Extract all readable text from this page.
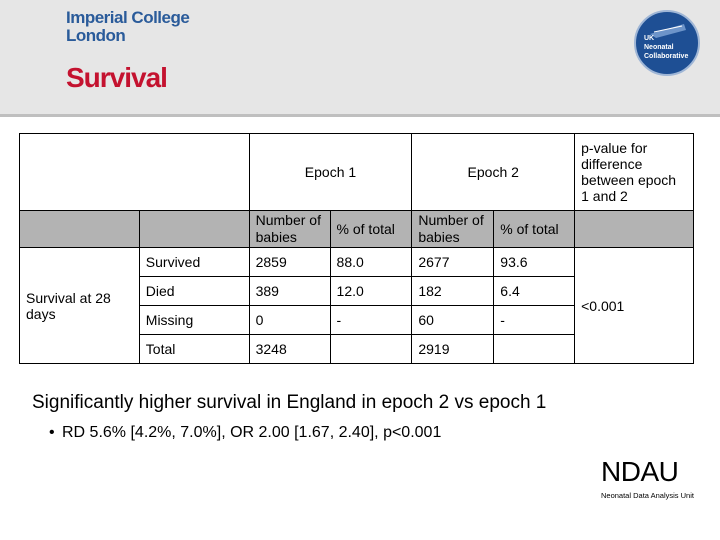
Imperial College
London
Survival
UK
Neonatal
Collaborative
		Epoch 1		Epoch 2		p-value for difference between epoch 1 and 2
		Number of babies	% of total	Number of babies	% of total	
Survival at 28 days	Survived	2859	88.0	2677	93.6	<0.001
	Died	389	12.0	182	6.4	
	Missing	0	-	60	-	
	Total	3248		2919		
Significantly higher survival in England in epoch 2 vs epoch 1
• RD 5.6% [4.2%, 7.0%], OR 2.00 [1.67, 2.40], p<0.001
NDAU
Neonatal Data Analysis Unit
